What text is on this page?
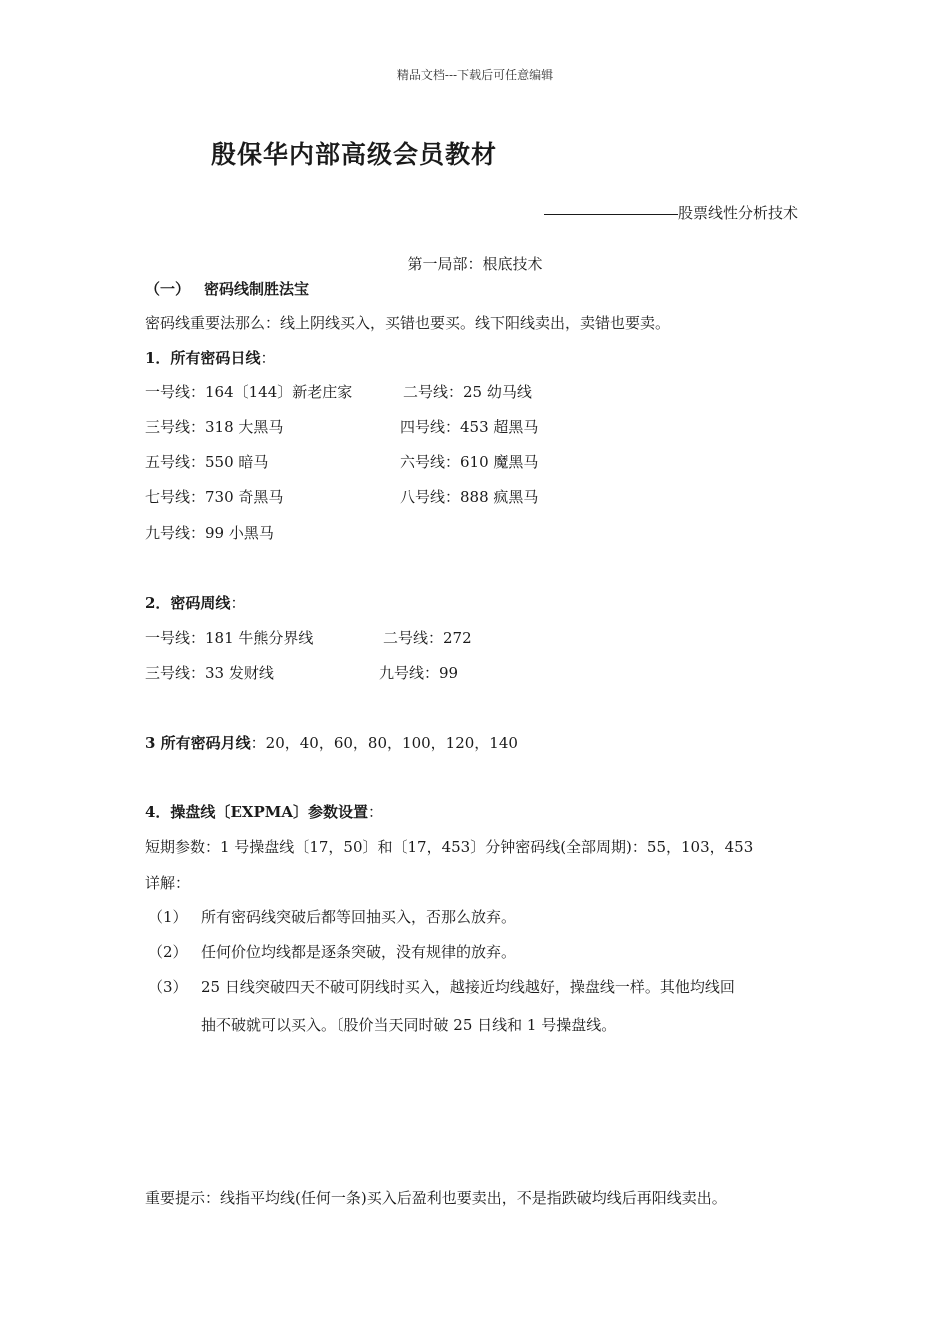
精品文档---下载后可任意编辑
殷保华内部高级会员教材
股票线性分析技术
第一局部：根底技术
（一） 密码线制胜法宝
密码线重要法那么：线上阴线买入，买错也要买。线下阳线卖出，卖错也要卖。
1．所有密码日线：
一号线：164〔144〕新老庄家	二号线：25 幼马线
三号线：318 大黑马	四号线：453 超黑马
五号线：550 暗马	六号线：610 魔黑马
七号线：730 奇黑马	八号线：888 疯黑马
九号线：99 小黑马
2．密码周线：
一号线：181 牛熊分界线	二号线：272
三号线：33 发财线	九号线：99
3 所有密码月线：20，40，60，80，100，120，140
4．操盘线〔EXPMA〕参数设置：
短期参数：1 号操盘线〔17，50〕和〔17，453〕分钟密码线(全部周期)：55，103，453
详解：
（1） 所有密码线突破后都等回抽买入，否那么放弃。
（2） 任何价位均线都是逐条突破，没有规律的放弃。
（3） 25 日线突破四天不破可阴线时买入，越接近均线越好，操盘线一样。其他均线回
抽不破就可以买入。〔股价当天同时破 25 日线和 1 号操盘线。
重要提示：线指平均线(任何一条)买入后盈利也要卖出，不是指跌破均线后再阳线卖出。
